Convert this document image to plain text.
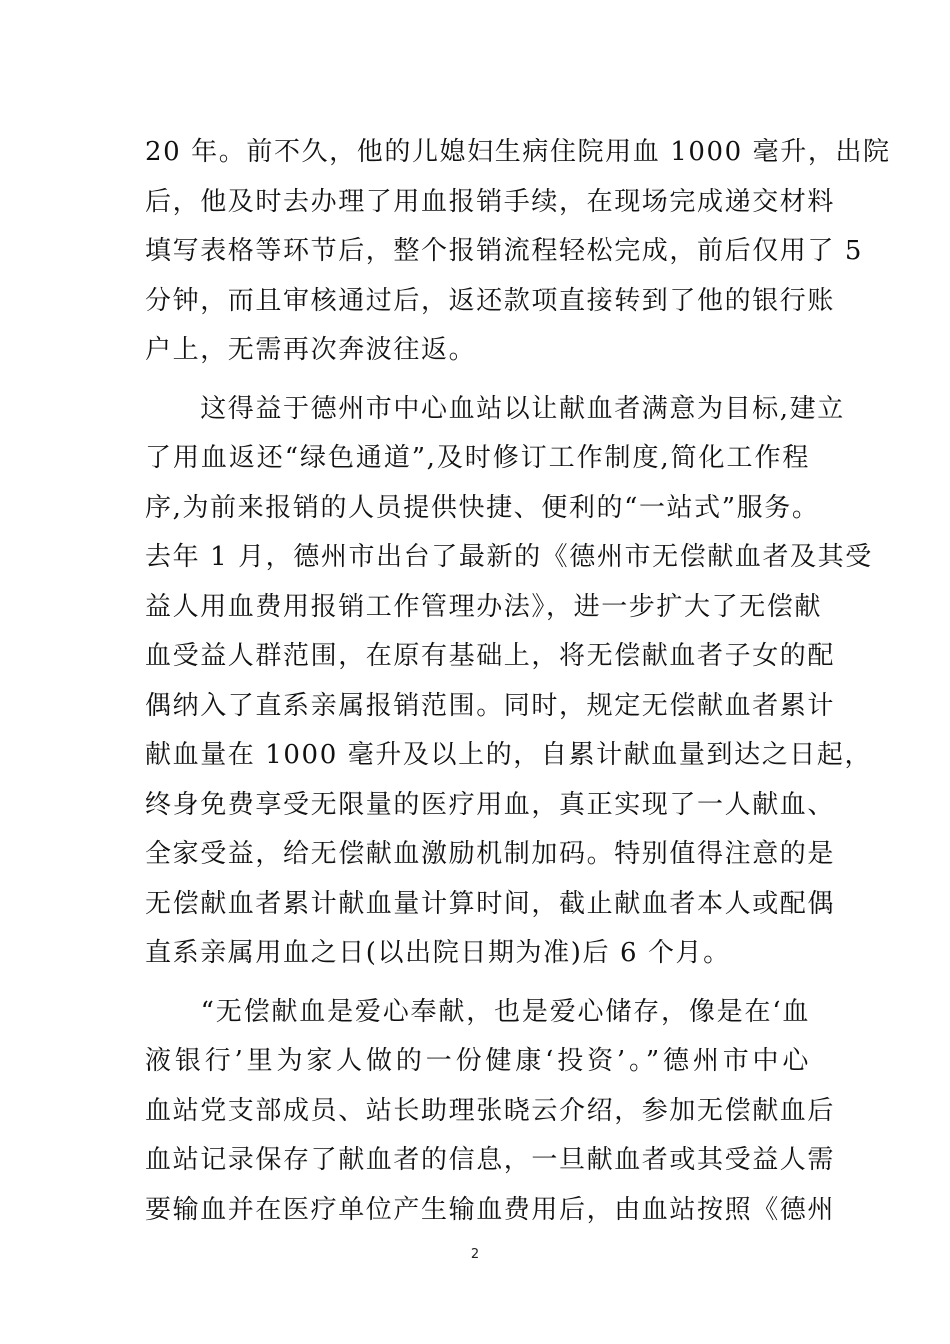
20 年。前不久，他的儿媳妇生病住院用血 1000 毫升，出院
后，他及时去办理了用血报销手续，在现场完成递交材料
填写表格等环节后，整个报销流程轻松完成，前后仅用了 5
分钟，而且审核通过后，返还款项直接转到了他的银行账
户上，无需再次奔波往返。
　　这得益于德州市中心血站以让献血者满意为目标,建立
了用血返还“绿色通道”,及时修订工作制度,简化工作程
序,为前来报销的人员提供快捷、便利的“一站式”服务。
去年 1 月，德州市出台了最新的《德州市无偿献血者及其受
益人用血费用报销工作管理办法》，进一步扩大了无偿献
血受益人群范围，在原有基础上，将无偿献血者子女的配
偶纳入了直系亲属报销范围。同时，规定无偿献血者累计
献血量在 1000 毫升及以上的，自累计献血量到达之日起，
终身免费享受无限量的医疗用血，真正实现了一人献血、
全家受益，给无偿献血激励机制加码。特别值得注意的是
无偿献血者累计献血量计算时间，截止献血者本人或配偶
直系亲属用血之日(以出院日期为准)后 6 个月。
　　“无偿献血是爱心奉献，也是爱心储存，像是在‘血
液银行’里为家人做的一份健康‘投资’。”德州市中心
血站党支部成员、站长助理张晓云介绍，参加无偿献血后
血站记录保存了献血者的信息，一旦献血者或其受益人需
要输血并在医疗单位产生输血费用后，由血站按照《德州
2
